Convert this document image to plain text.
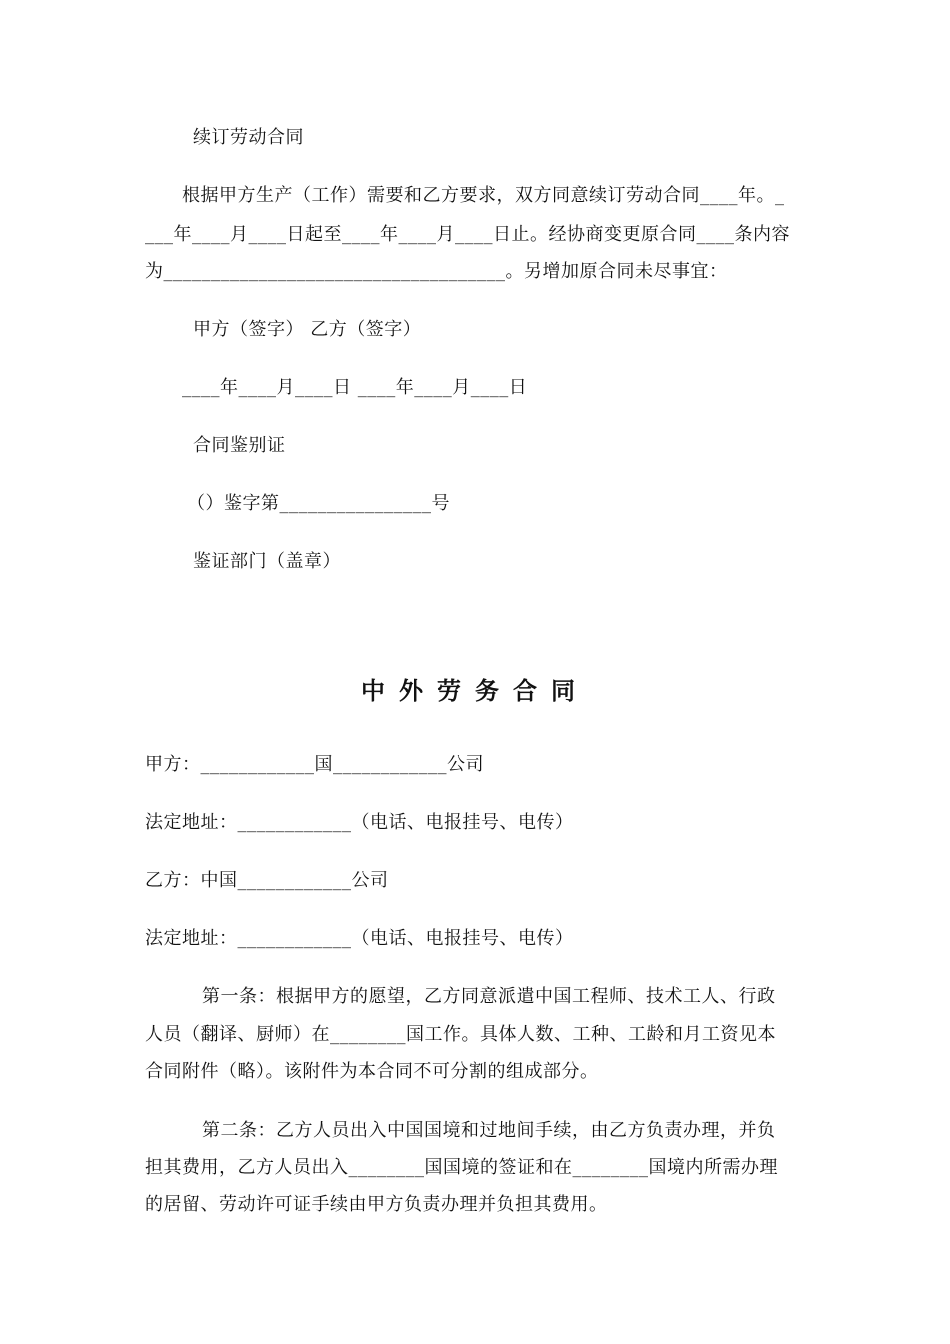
续订劳动合同
根据甲方生产（工作）需要和乙方要求，双方同意续订劳动合同____年。_
___年____月____日起至____年____月____日止。经协商变更原合同____条内容
为____________________________________。另增加原合同未尽事宜：
甲方（签字） 乙方（签字）
____年____月____日 ____年____月____日
合同鉴别证
（）鉴字第________________号
鉴证部门（盖章）
中外劳务合同
甲方：____________国____________公司
法定地址：____________（电话、电报挂号、电传）
乙方：中国____________公司
法定地址：____________（电话、电报挂号、电传）
第一条：根据甲方的愿望，乙方同意派遣中国工程师、技术工人、行政
人员（翻译、厨师）在________国工作。具体人数、工种、工龄和月工资见本
合同附件（略）。该附件为本合同不可分割的组成部分。
第二条：乙方人员出入中国国境和过地间手续，由乙方负责办理，并负
担其费用，乙方人员出入________国国境的签证和在________国境内所需办理
的居留、劳动许可证手续由甲方负责办理并负担其费用。
